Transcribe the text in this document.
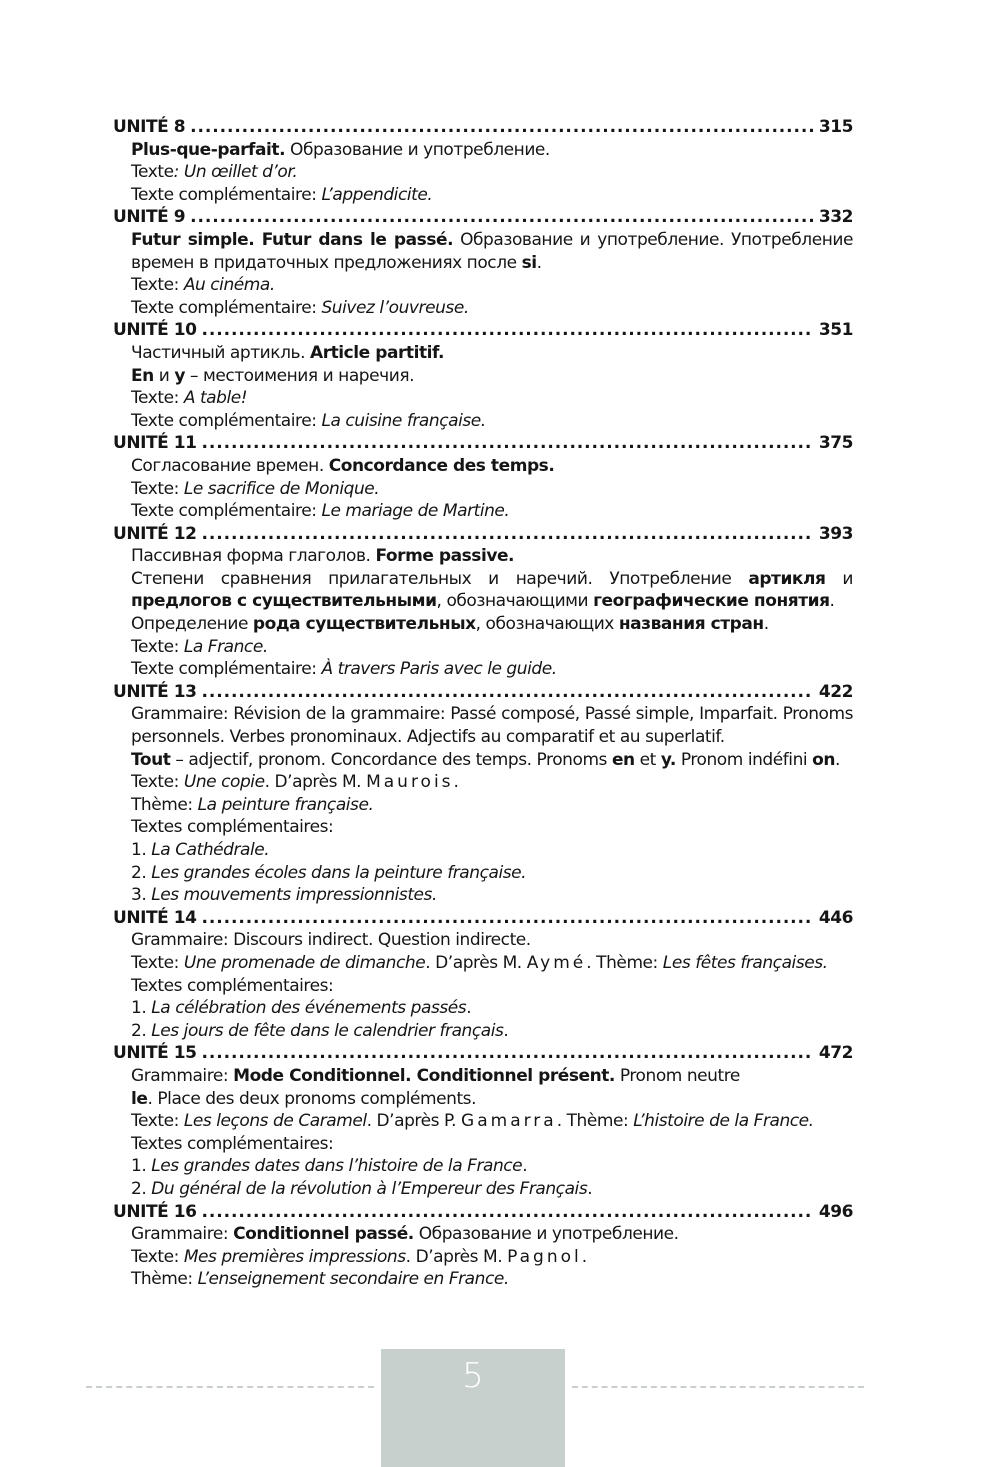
UNITÉ 8 .....	315
Plus-que-parfait. Образование и употребление.
Texte: Un œillet d’or.
Texte complémentaire: L’appendicite.
UNITÉ 9 .....	332
Futur simple. Futur dans le passé. Образование и употребление. Употребление времен в придаточных предложениях после si.
Texte: Au cinéma.
Texte complémentaire: Suivez l’ouvreuse.
UNITÉ 10 .....	351
Частичный артикль. Article partitif.
En и y – местоимения и наречия.
Texte: A table!
Texte complémentaire: La cuisine française.
UNITÉ 11 .....	375
Согласование времен. Concordance des temps.
Texte: Le sacrifice de Monique.
Texte complémentaire: Le mariage de Martine.
UNITÉ 12 .....	393
Пассивная форма глаголов. Forme passive.
Степени сравнения прилагательных и наречий. Употребление артикля и предлогов с существительными, обозначающими географические понятия.
Определение рода существительных, обозначающих названия стран.
Texte: La France.
Texte complémentaire: À travers Paris avec le guide.
UNITÉ 13 .....	422
Grammaire: Révision de la grammaire: Passé composé, Passé simple, Imparfait. Pronoms personnels. Verbes pronominaux. Adjectifs au comparatif et au superlatif.
Tout – adjectif, pronom. Concordance des temps. Pronoms en et y. Pronom indéfini on.
Texte: Une copie. D’après M. Maurois.
Thème: La peinture française.
Textes complémentaires:
1. La Cathédrale.
2. Les grandes écoles dans la peinture française.
3. Les mouvements impressionnistes.
UNITÉ 14 .....	446
Grammaire: Discours indirect. Question indirecte.
Texte: Une promenade de dimanche. D’après M. Aymé. Thème: Les fêtes françaises.
Textes complémentaires:
1. La célébration des événements passés.
2. Les jours de fête dans le calendrier français.
UNITÉ 15 .....	472
Grammaire: Mode Conditionnel. Conditionnel présent. Pronom neutre
le. Place des deux pronoms compléments.
Texte: Les leçons de Caramel. D’après P. Gamarra. Thème: L’histoire de la France.
Textes complémentaires:
1. Les grandes dates dans l’histoire de la France.
2. Du général de la révolution à l’Empereur des Français.
UNITÉ 16 .....	496
Grammaire: Conditionnel passé. Образование и употребление.
Texte: Mes premières impressions. D’après M. Pagnol.
Thème: L’enseignement secondaire en France.
5
